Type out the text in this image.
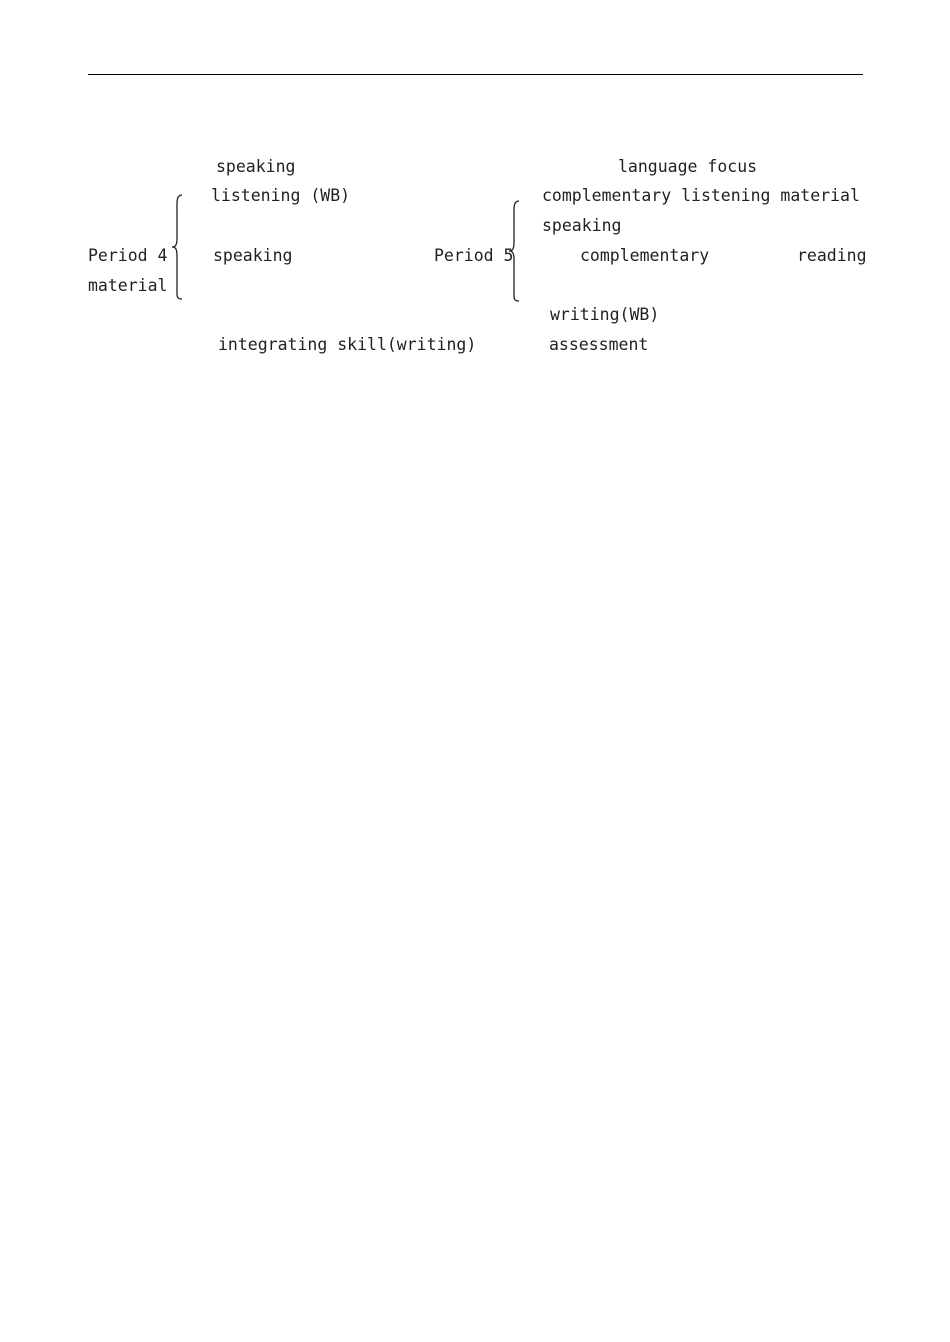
speaking
listening (WB)
Period 4	speaking
material
integrating skill(writing)
language focus
complementary listening material
speaking
Period 5	complementary	reading
writing(WB)
assessment
